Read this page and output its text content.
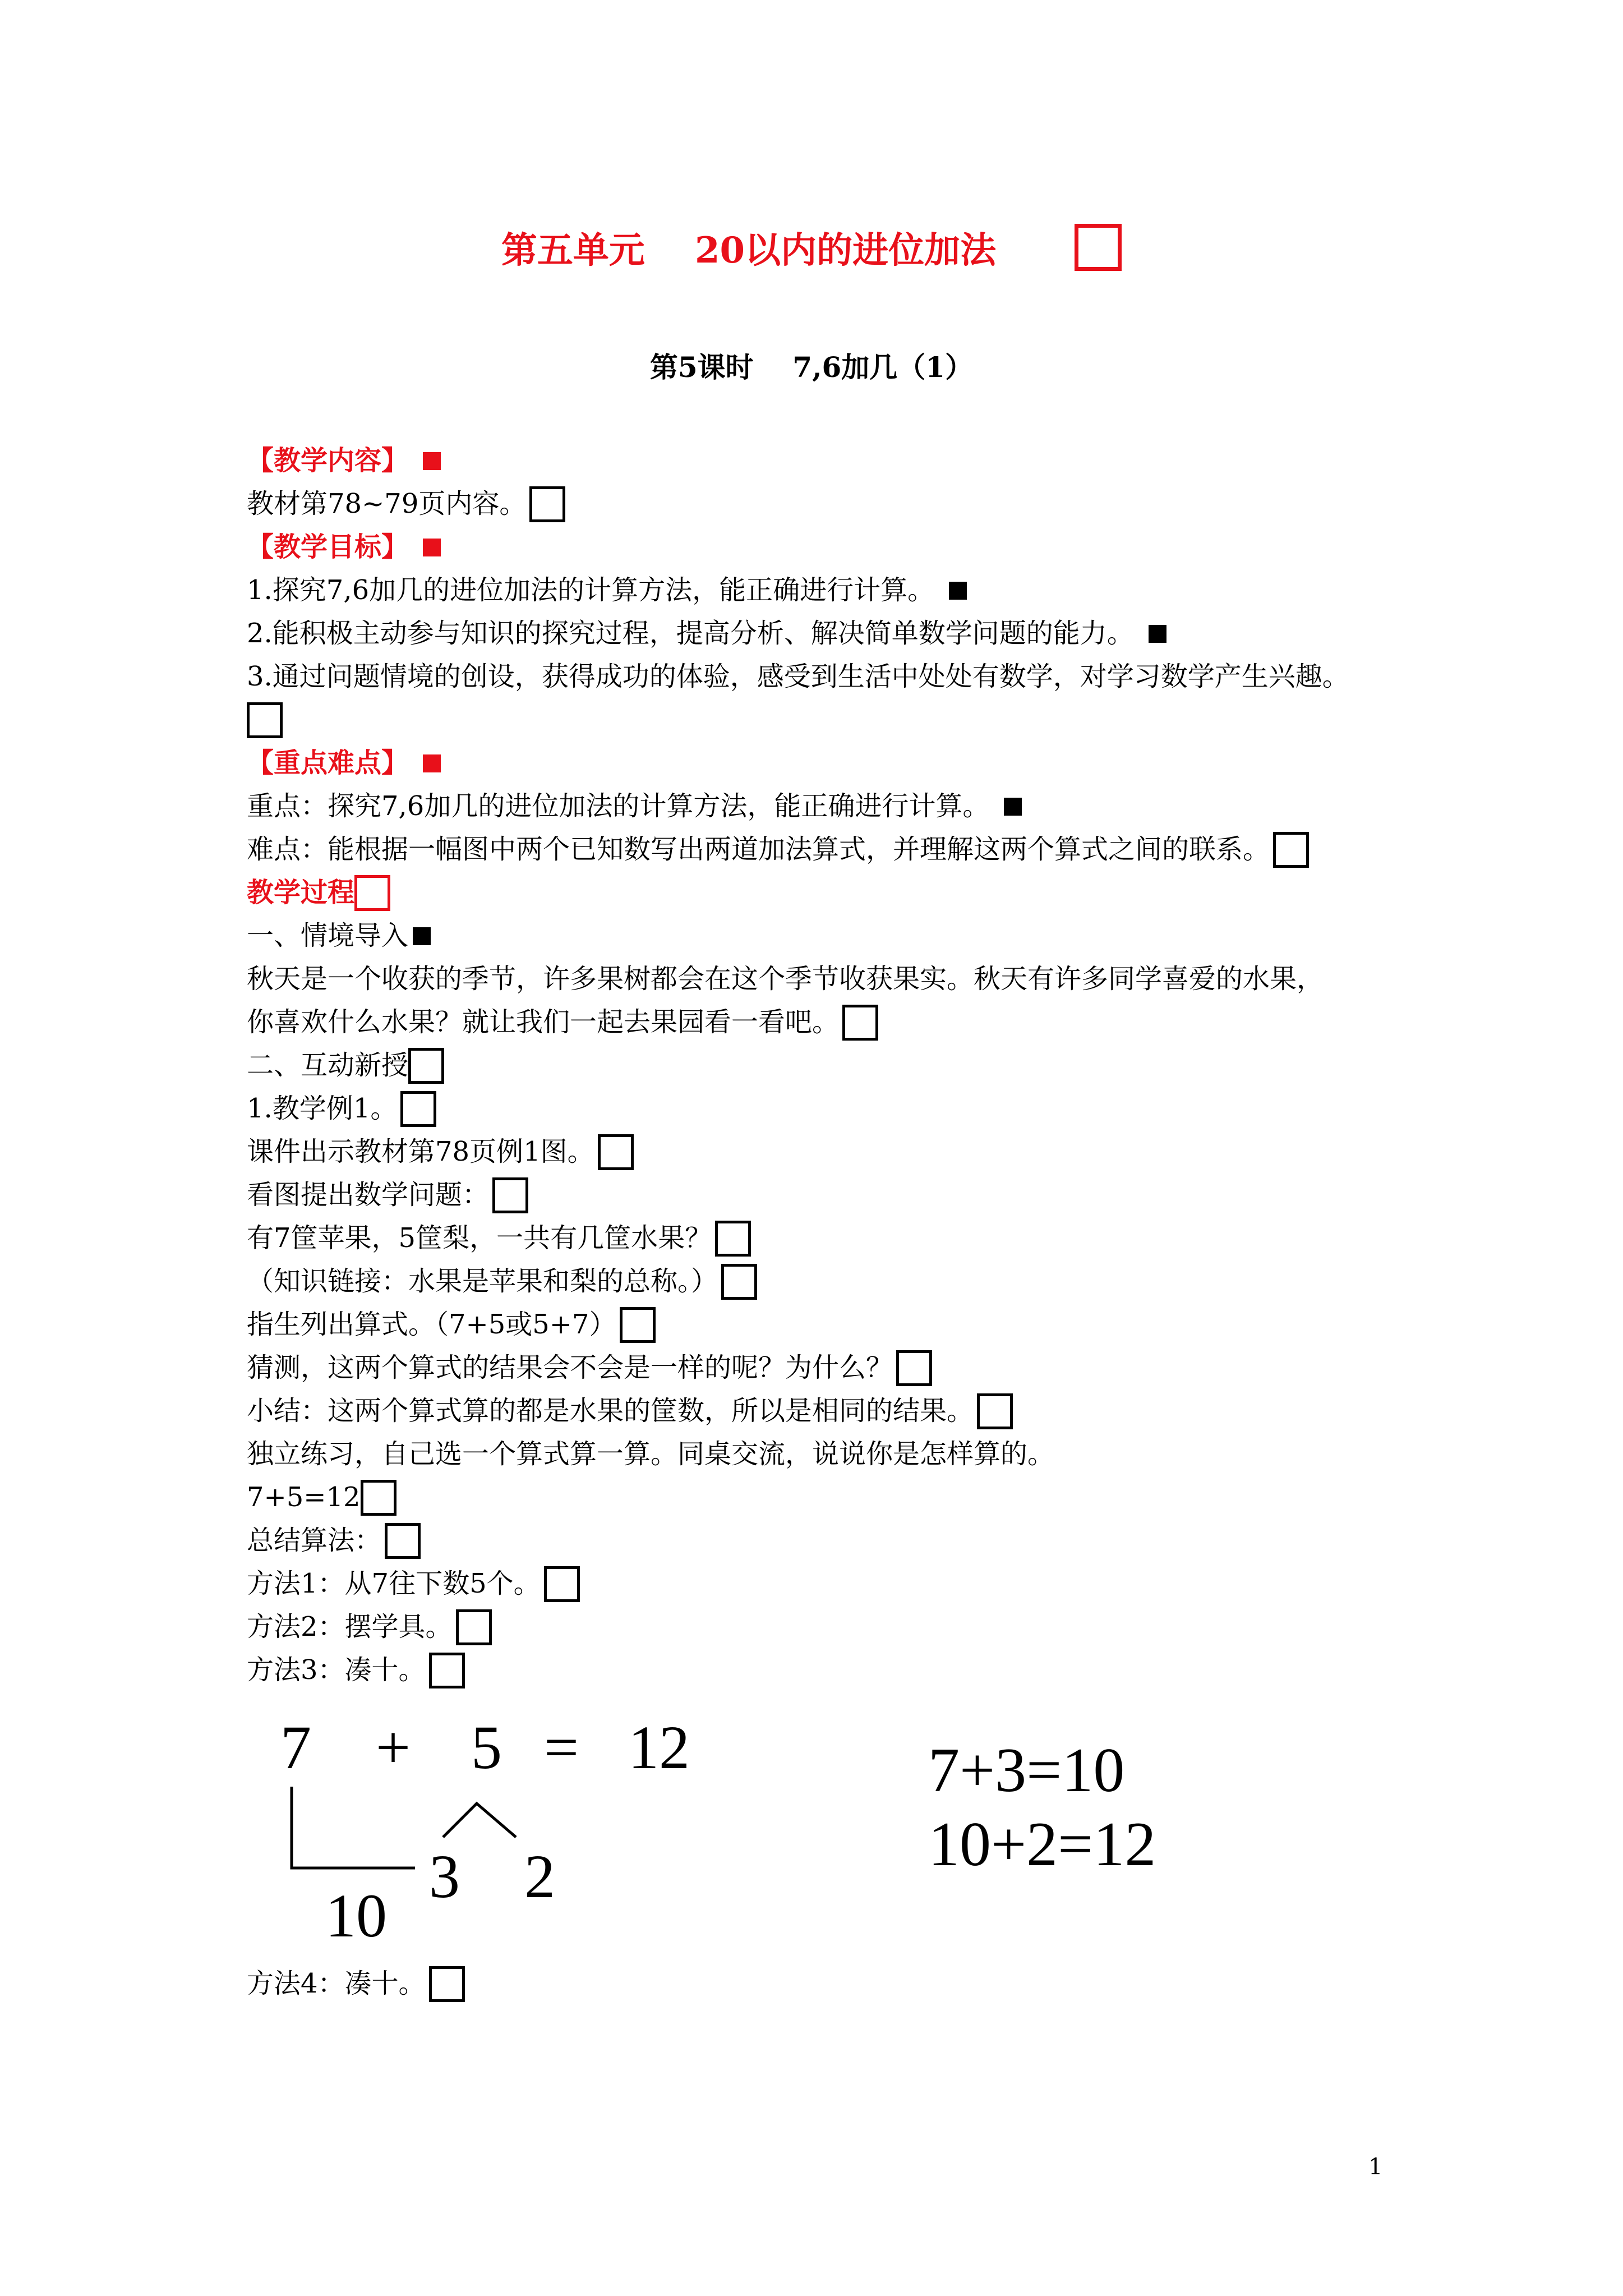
第五单元    20以内的进位加法
第5课时    7,6加几（1）
【教学内容】
教材第78~79页内容。
【教学目标】
1.探究7,6加几的进位加法的计算方法，能正确进行计算。
2.能积极主动参与知识的探究过程，提高分析、解决简单数学问题的能力。
3.通过问题情境的创设，获得成功的体验，感受到生活中处处有数学，对学习数学产生兴趣。
【重点难点】
重点：探究7,6加几的进位加法的计算方法，能正确进行计算。
难点：能根据一幅图中两个已知数写出两道加法算式，并理解这两个算式之间的联系。
教学过程
一、情境导入
秋天是一个收获的季节，许多果树都会在这个季节收获果实。秋天有许多同学喜爱的水果，
你喜欢什么水果？就让我们一起去果园看一看吧。
二、互动新授
1.教学例1。
课件出示教材第78页例1图。
看图提出数学问题：
有7筐苹果，5筐梨，一共有几筐水果？
（知识链接：水果是苹果和梨的总称。）
指生列出算式。（7+5或5+7）
猜测，这两个算式的结果会不会是一样的呢？为什么？
小结：这两个算式算的都是水果的筐数，所以是相同的结果。
独立练习，自己选一个算式算一算。同桌交流，说说你是怎样算的。
7+5=12
总结算法：
方法1：从7往下数5个。
方法2：摆学具。
方法3：凑十。
7 + 5 = 12
3 2
10
7+3=10
10+2=12
方法4：凑十。
1
